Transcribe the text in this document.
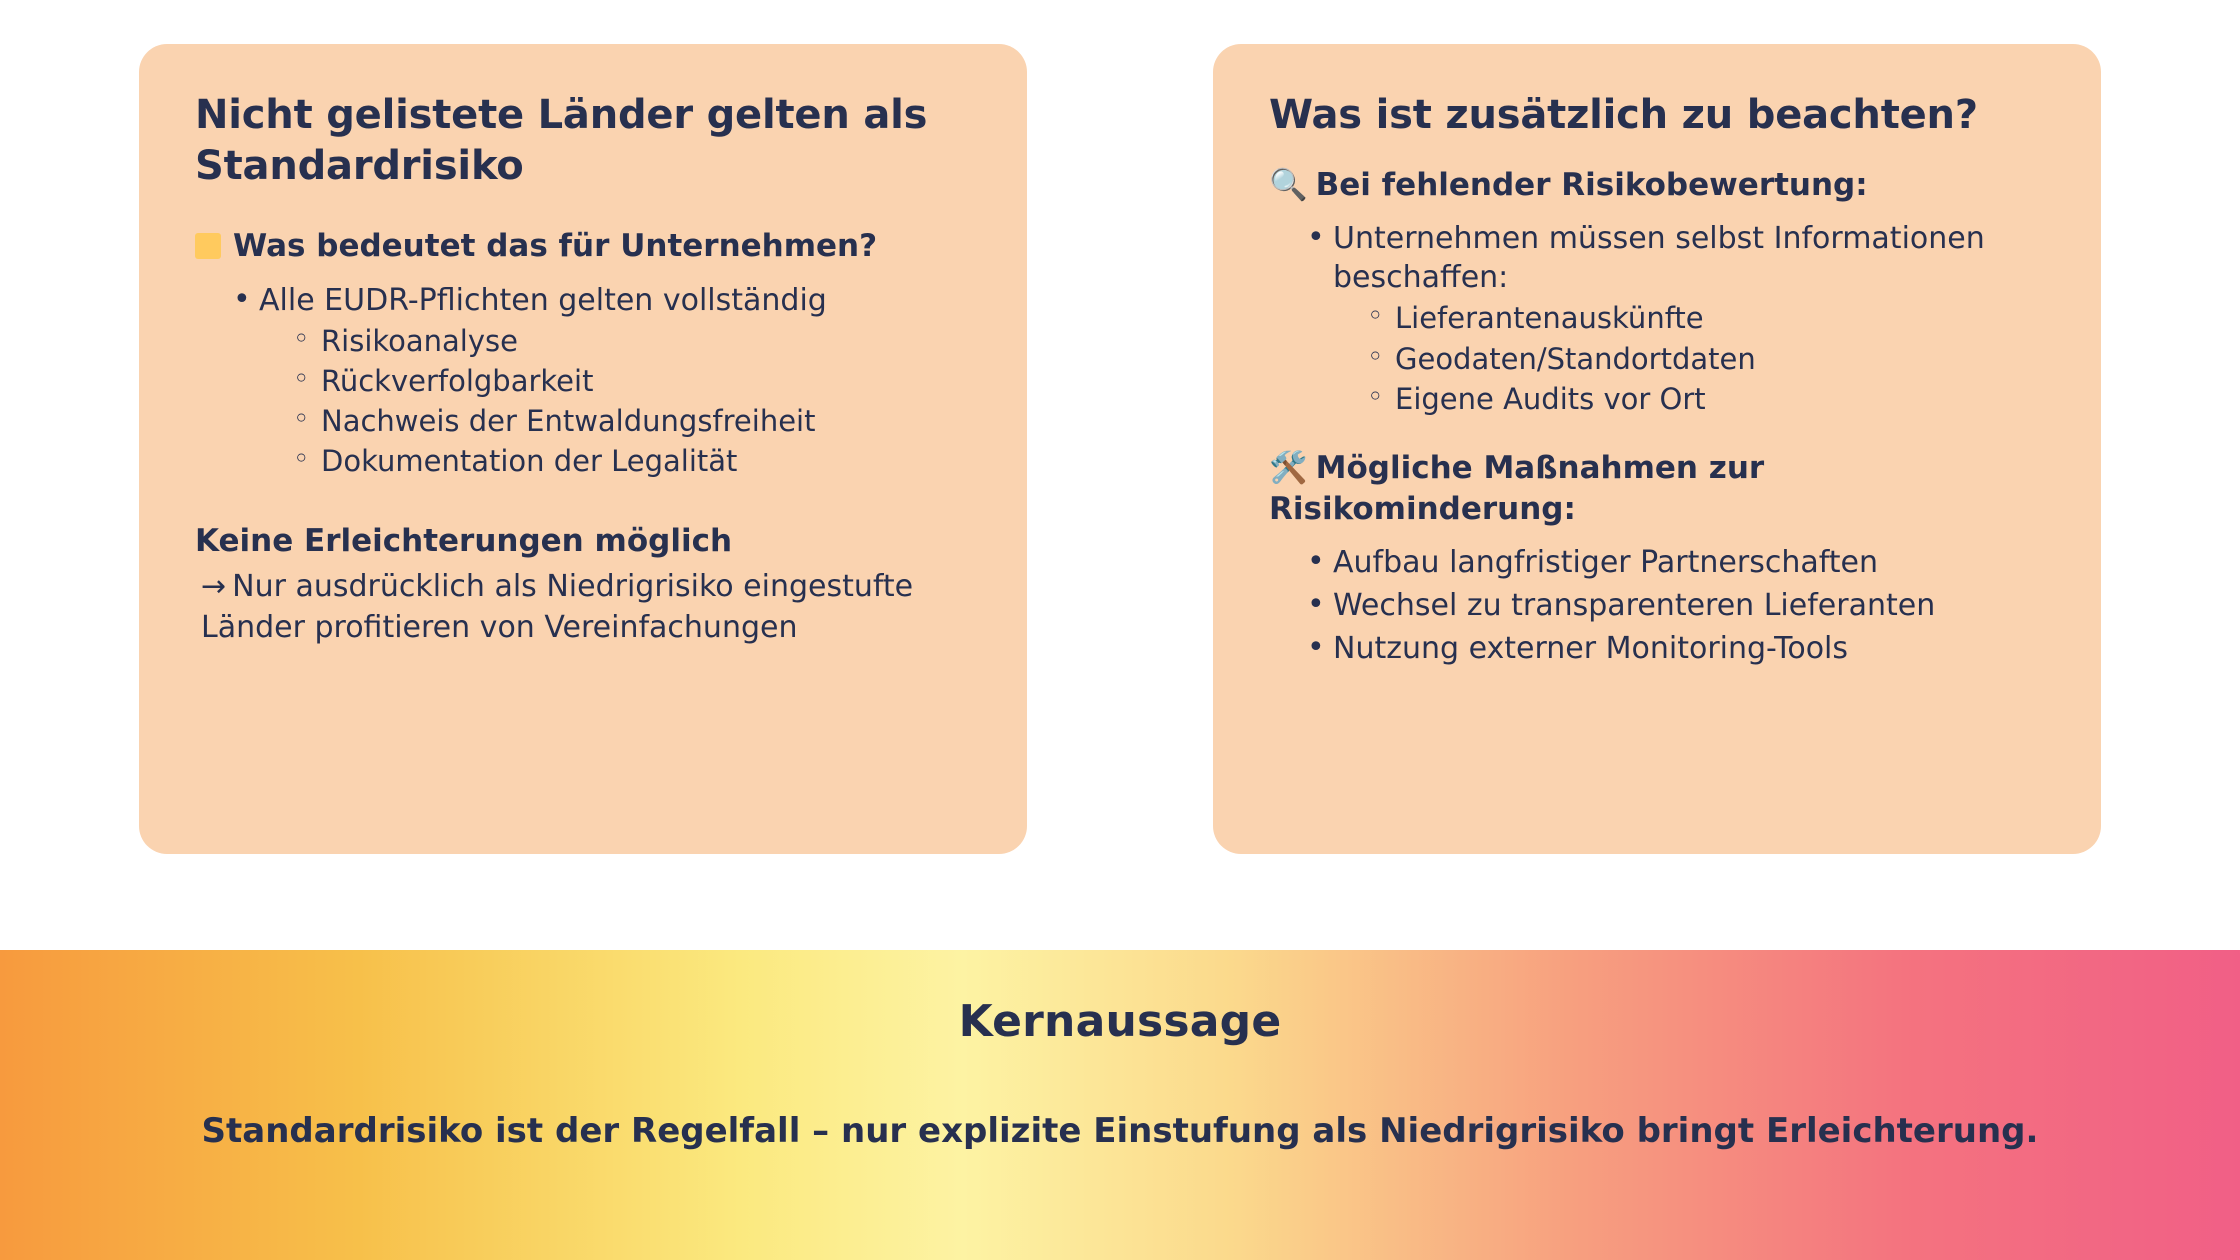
Nicht gelistete Länder gelten als Standardrisiko
Was bedeutet das für Unternehmen?
• Alle EUDR-Pflichten gelten vollständig
◦ Risikoanalyse
◦ Rückverfolgbarkeit
◦ Nachweis der Entwaldungsfreiheit
◦ Dokumentation der Legalität

Keine Erleichterungen möglich

→ Nur ausdrücklich als Niedrigrisiko eingestufte Länder profitieren von Vereinfachungen

Was ist zusätzlich zu beachten?
🔍 Bei fehlender Risikobewertung:
• Unternehmen müssen selbst Informationen beschaffen:
◦ Lieferantenauskünfte
◦ Geodaten/Standortdaten
◦ Eigene Audits vor Ort
🛠️ Mögliche Maßnahmen zur Risikominderung:
• Aufbau langfristiger Partnerschaften
• Wechsel zu transparenteren Lieferanten
• Nutzung externer Monitoring-Tools
Kernaussage

Standardrisiko ist der Regelfall – nur explizite Einstufung als Niedrigrisiko bringt Erleichterung.
